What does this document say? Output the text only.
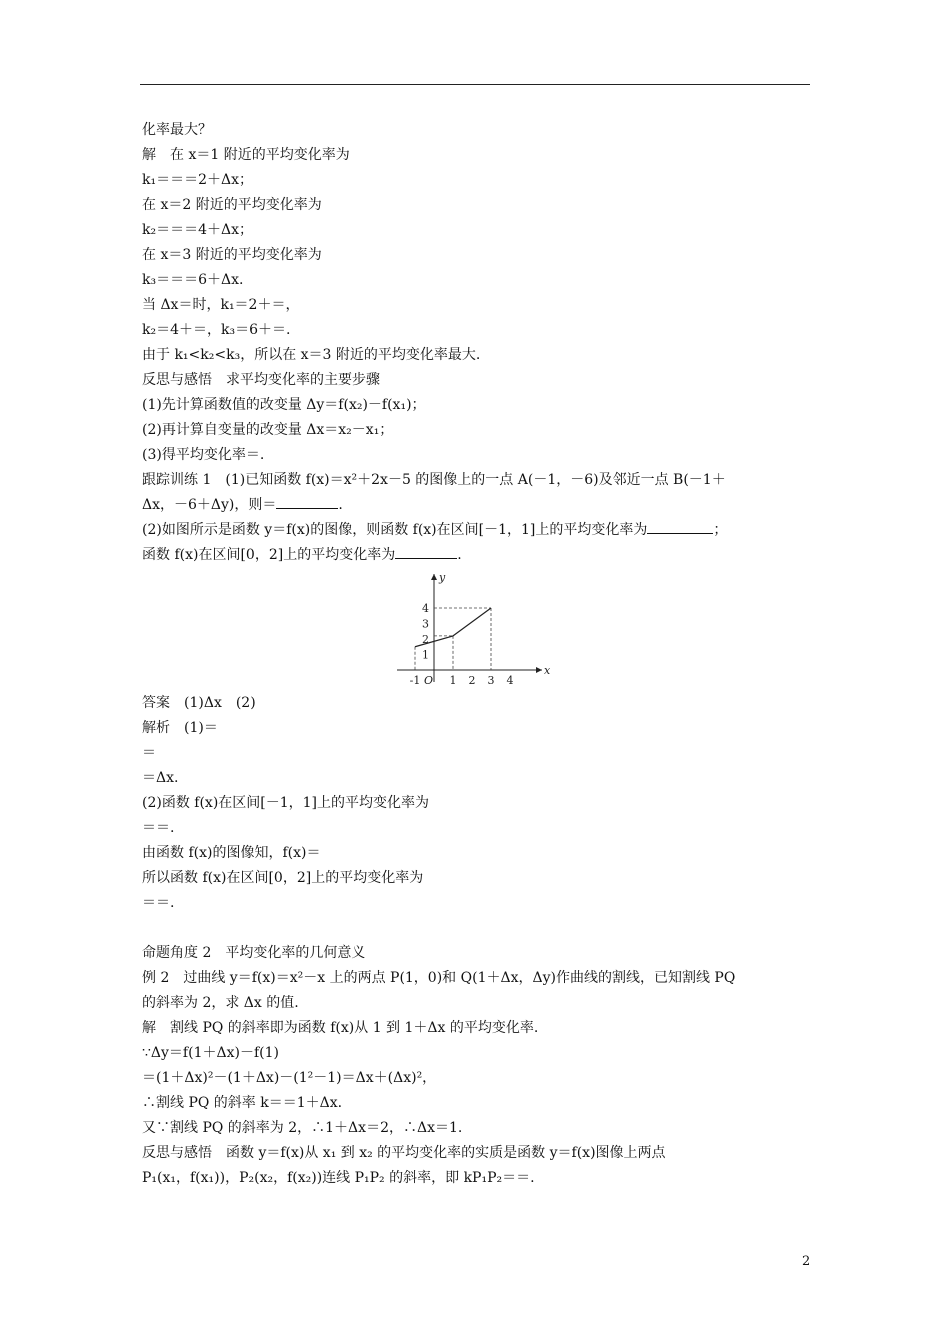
化率最大？
解　在 x＝1 附近的平均变化率为
k₁＝＝＝2＋Δx；
在 x＝2 附近的平均变化率为
k₂＝＝＝4＋Δx；
在 x＝3 附近的平均变化率为
k₃＝＝＝6＋Δx.
当 Δx＝时，k₁＝2＋＝，
k₂＝4＋＝，k₃＝6＋＝.
由于 k₁<k₂<k₃，所以在 x＝3 附近的平均变化率最大.
反思与感悟　求平均变化率的主要步骤
(1)先计算函数值的改变量 Δy＝f(x₂)－f(x₁)；
(2)再计算自变量的改变量 Δx＝x₂－x₁；
(3)得平均变化率＝.
跟踪训练 1　(1)已知函数 f(x)＝x²＋2x－5 的图像上的一点 A(－1，－6)及邻近一点 B(－1＋
Δx，－6＋Δy)，则＝	.
(2)如图所示是函数 y＝f(x)的图像，则函数 f(x)在区间[－1，1]上的平均变化率为	；
函数 f(x)在区间[0，2]上的平均变化率为	.
-1	1 2 3 4
1
2
3
4
O
x
y
答案　(1)Δx　(2)
解析　(1)＝
＝
＝Δx.
(2)函数 f(x)在区间[－1，1]上的平均变化率为
＝＝.
由函数 f(x)的图像知，f(x)＝
所以函数 f(x)在区间[0，2]上的平均变化率为
＝＝.
命题角度 2　平均变化率的几何意义
例 2　过曲线 y＝f(x)＝x²－x 上的两点 P(1，0)和 Q(1＋Δx，Δy)作曲线的割线，已知割线 PQ
的斜率为 2，求 Δx 的值.
解　割线 PQ 的斜率即为函数 f(x)从 1 到 1＋Δx 的平均变化率.
∵Δy＝f(1＋Δx)－f(1)
＝(1＋Δx)²－(1＋Δx)－(1²－1)＝Δx＋(Δx)²，
∴割线 PQ 的斜率 k＝＝1＋Δx.
又∵割线 PQ 的斜率为 2，∴1＋Δx＝2，∴Δx＝1.
反思与感悟　函数 y＝f(x)从 x₁ 到 x₂ 的平均变化率的实质是函数 y＝f(x)图像上两点
P₁(x₁，f(x₁))，P₂(x₂，f(x₂))连线 P₁P₂ 的斜率，即 kP₁P₂＝＝.
2
